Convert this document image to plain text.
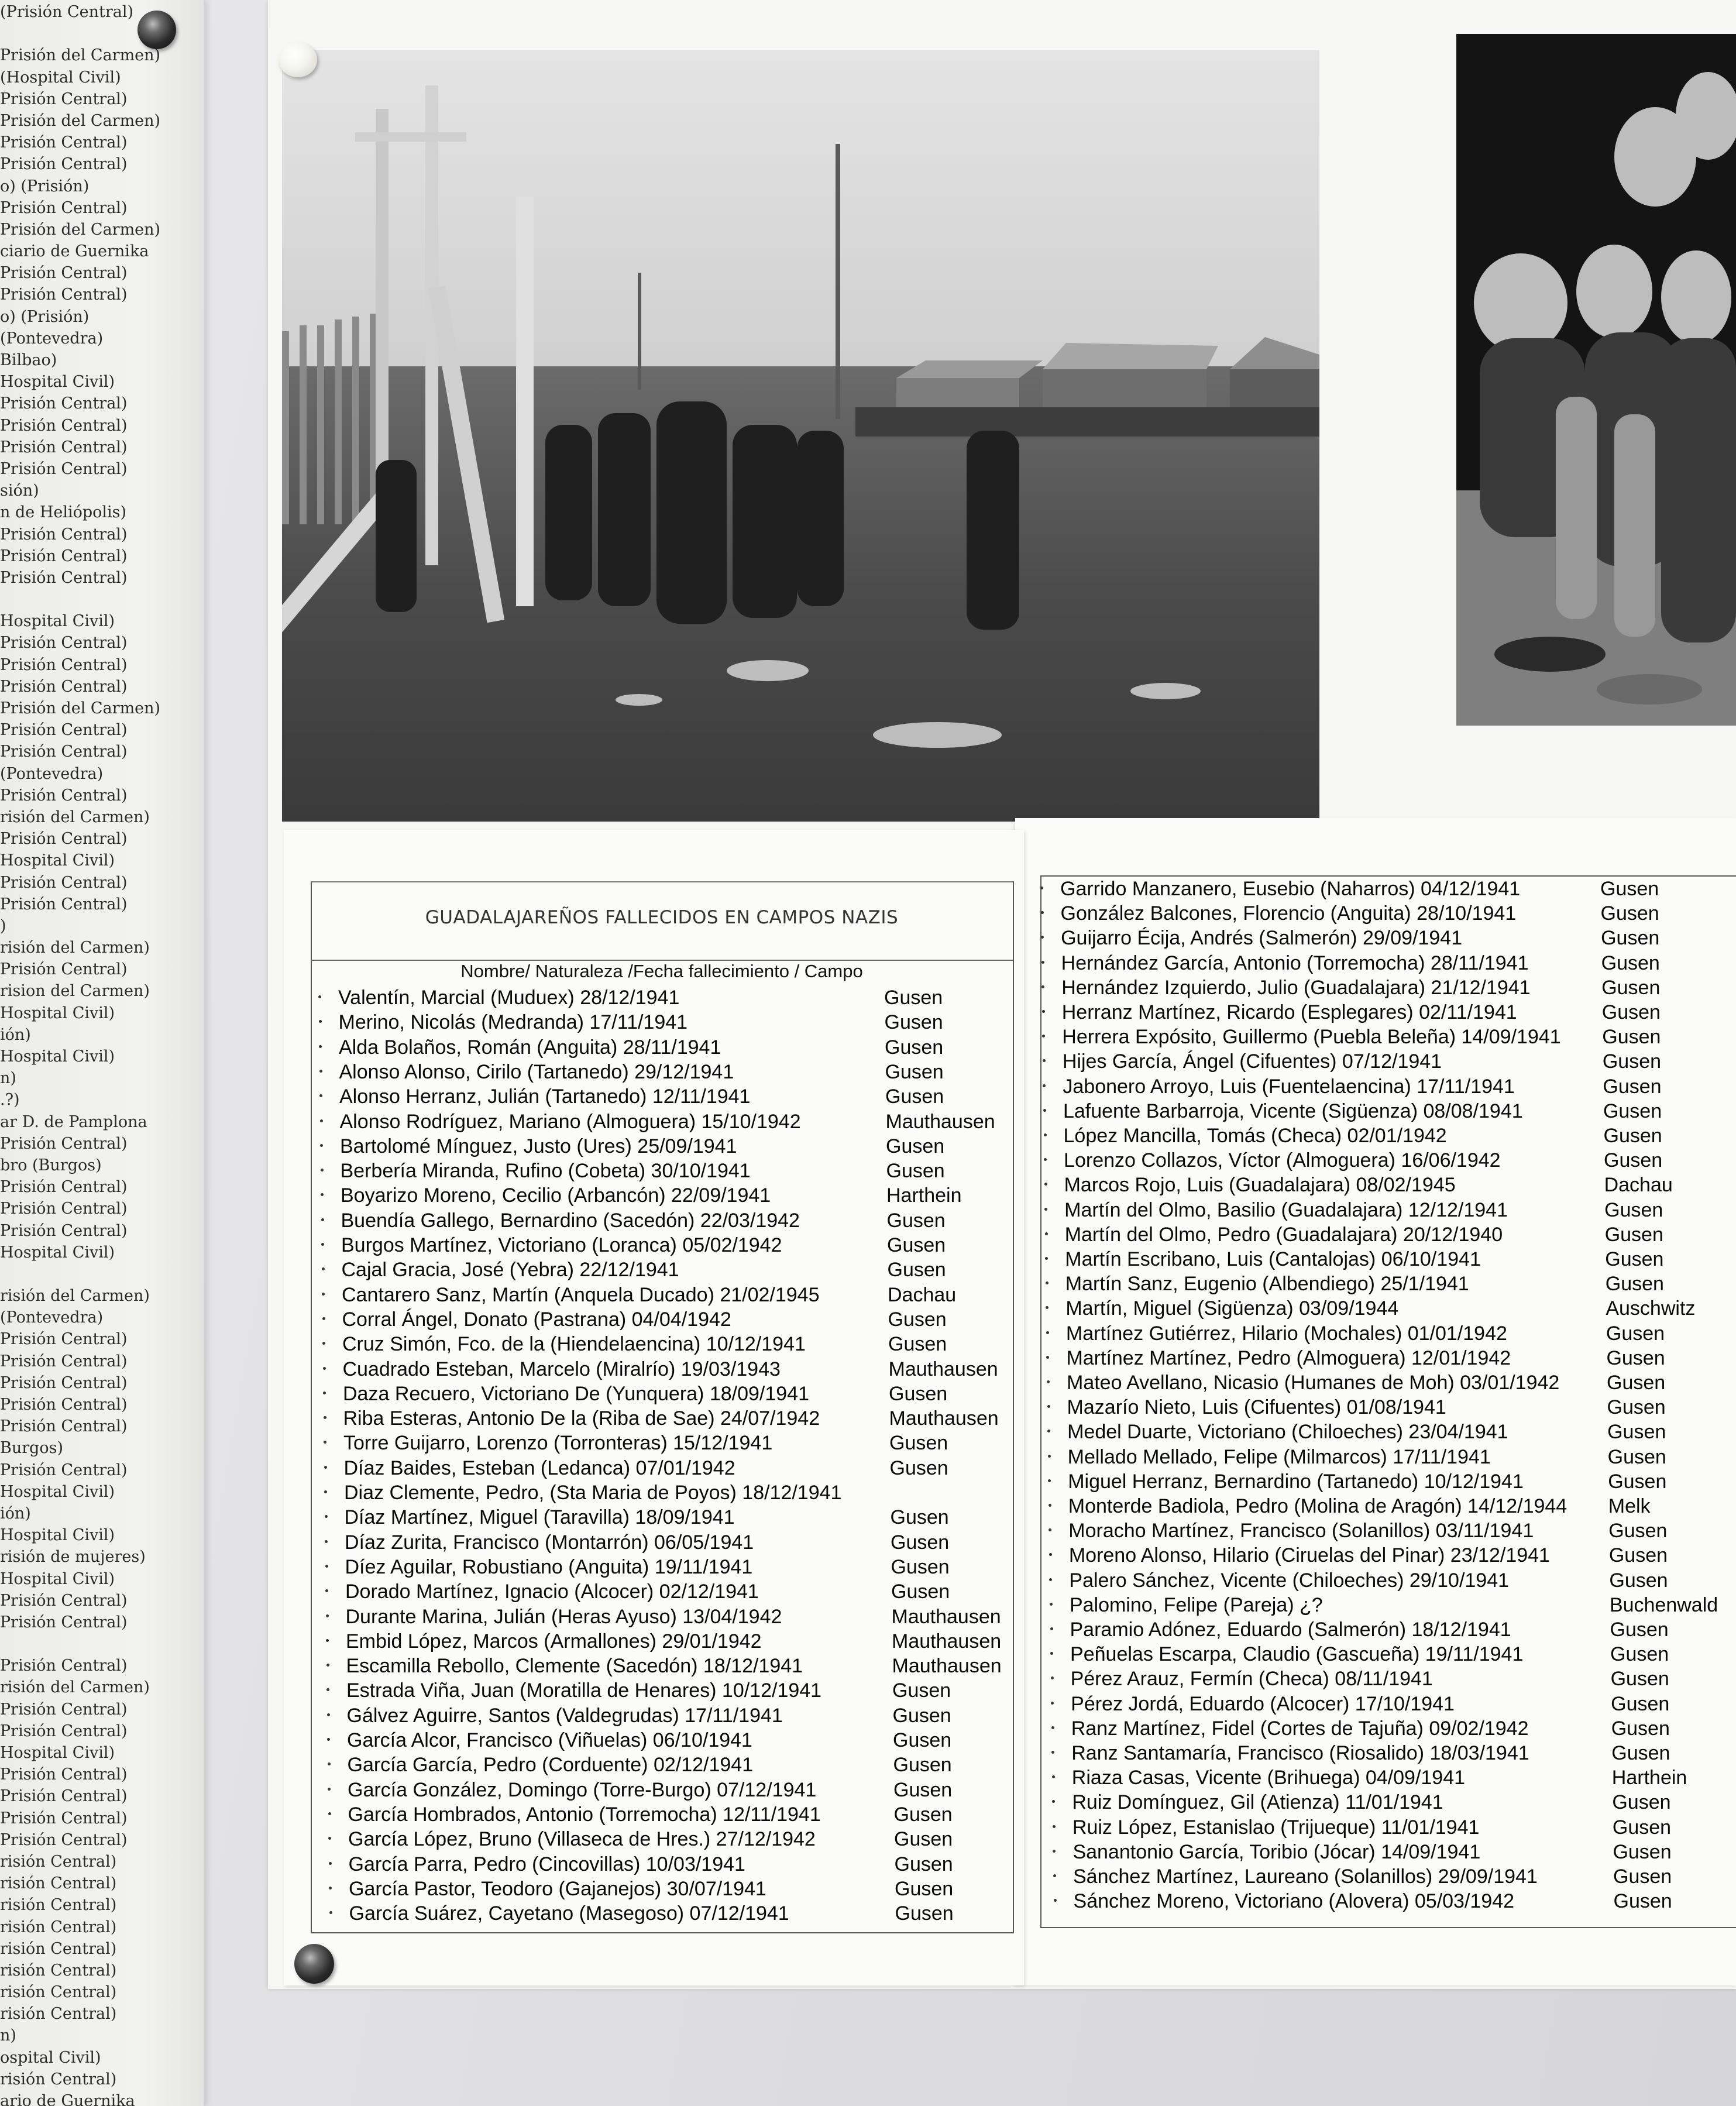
(Prisión Central)
Prisión del Carmen)
(Hospital Civil)
Prisión Central)
Prisión del Carmen)
Prisión Central)
Prisión Central)
o) (Prisión)
Prisión Central)
Prisión del Carmen)
ciario de Guernika
Prisión Central)
Prisión Central)
o) (Prisión)
(Pontevedra)
Bilbao)
Hospital Civil)
Prisión Central)
Prisión Central)
Prisión Central)
Prisión Central)
sión)
n de Heliópolis)
Prisión Central)
Prisión Central)
Prisión Central)
Hospital Civil)
Prisión Central)
Prisión Central)
Prisión Central)
Prisión del Carmen)
Prisión Central)
Prisión Central)
(Pontevedra)
Prisión Central)
risión del Carmen)
Prisión Central)
Hospital Civil)
Prisión Central)
Prisión Central)
)
risión del Carmen)
Prisión Central)
rision del Carmen)
Hospital Civil)
ión)
Hospital Civil)
n)
.?)
ar D. de Pamplona
Prisión Central)
bro (Burgos)
Prisión Central)
Prisión Central)
Prisión Central)
Hospital Civil)
risión del Carmen)
(Pontevedra)
Prisión Central)
Prisión Central)
Prisión Central)
Prisión Central)
Prisión Central)
Burgos)
Prisión Central)
Hospital Civil)
ión)
Hospital Civil)
risión de mujeres)
Hospital Civil)
Prisión Central)
Prisión Central)
Prisión Central)
risión del Carmen)
Prisión Central)
Prisión Central)
Hospital Civil)
Prisión Central)
Prisión Central)
Prisión Central)
Prisión Central)
risión Central)
risión Central)
risión Central)
risión Central)
risión Central)
risión Central)
risión Central)
risión Central)
n)
ospital Civil)
risión Central)
ario de Guernika
GUADALAJAREÑOS FALLECIDOS EN CAMPOS NAZIS
Nombre/ Naturaleza /Fecha fallecimiento / Campo
Valentín, Marcial (Muduex) 28/12/1941	Gusen
Merino, Nicolás (Medranda) 17/11/1941	Gusen
Alda Bolaños, Román (Anguita) 28/11/1941	Gusen
Alonso Alonso, Cirilo (Tartanedo) 29/12/1941	Gusen
Alonso Herranz, Julián (Tartanedo) 12/11/1941	Gusen
Alonso Rodríguez, Mariano (Almoguera) 15/10/1942	Mauthausen
Bartolomé Mínguez, Justo (Ures) 25/09/1941	Gusen
Berbería Miranda, Rufino (Cobeta) 30/10/1941	Gusen
Boyarizo Moreno, Cecilio (Arbancón) 22/09/1941	Harthein
Buendía Gallego, Bernardino (Sacedón) 22/03/1942	Gusen
Burgos Martínez, Victoriano (Loranca) 05/02/1942	Gusen
Cajal Gracia, José (Yebra) 22/12/1941	Gusen
Cantarero Sanz, Martín (Anquela Ducado) 21/02/1945	Dachau
Corral Ángel, Donato (Pastrana) 04/04/1942	Gusen
Cruz Simón, Fco. de la (Hiendelaencina) 10/12/1941	Gusen
Cuadrado Esteban, Marcelo (Miralrío) 19/03/1943	Mauthausen
Daza Recuero, Victoriano De (Yunquera) 18/09/1941	Gusen
Riba Esteras, Antonio De la (Riba de Sae) 24/07/1942	Mauthausen
Torre Guijarro, Lorenzo (Torronteras) 15/12/1941	Gusen
Díaz Baides, Esteban (Ledanca) 07/01/1942	Gusen
Diaz Clemente, Pedro, (Sta Maria de Poyos) 18/12/1941
Díaz Martínez, Miguel (Taravilla) 18/09/1941	Gusen
Díaz Zurita, Francisco (Montarrón) 06/05/1941	Gusen
Díez Aguilar, Robustiano (Anguita) 19/11/1941	Gusen
Dorado Martínez, Ignacio (Alcocer) 02/12/1941	Gusen
Durante Marina, Julián (Heras Ayuso) 13/04/1942	Mauthausen
Embid López, Marcos (Armallones) 29/01/1942	Mauthausen
Escamilla Rebollo, Clemente (Sacedón) 18/12/1941	Mauthausen
Estrada Viña, Juan (Moratilla de Henares) 10/12/1941	Gusen
Gálvez Aguirre, Santos (Valdegrudas) 17/11/1941	Gusen
García Alcor, Francisco (Viñuelas) 06/10/1941	Gusen
García García, Pedro (Corduente) 02/12/1941	Gusen
García González, Domingo (Torre-Burgo) 07/12/1941	Gusen
García Hombrados, Antonio (Torremocha) 12/11/1941	Gusen
García López, Bruno (Villaseca de Hres.) 27/12/1942	Gusen
García Parra, Pedro (Cincovillas) 10/03/1941	Gusen
García Pastor, Teodoro (Gajanejos) 30/07/1941	Gusen
García Suárez, Cayetano (Masegoso) 07/12/1941	Gusen
Garrido Manzanero, Eusebio (Naharros) 04/12/1941	Gusen
González Balcones, Florencio (Anguita) 28/10/1941	Gusen
Guijarro Écija, Andrés (Salmerón) 29/09/1941	Gusen
Hernández García, Antonio (Torremocha) 28/11/1941	Gusen
Hernández Izquierdo, Julio (Guadalajara) 21/12/1941	Gusen
Herranz Martínez, Ricardo (Esplegares) 02/11/1941	Gusen
Herrera Expósito, Guillermo (Puebla Beleña) 14/09/1941 Gusen
Hijes García, Ángel (Cifuentes) 07/12/1941	Gusen
Jabonero Arroyo, Luis (Fuentelaencina) 17/11/1941	Gusen
Lafuente Barbarroja, Vicente (Sigüenza) 08/08/1941	Gusen
López Mancilla, Tomás (Checa) 02/01/1942	Gusen
Lorenzo Collazos, Víctor (Almoguera) 16/06/1942	Gusen
Marcos Rojo, Luis (Guadalajara) 08/02/1945	Dachau
Martín del Olmo, Basilio (Guadalajara) 12/12/1941	Gusen
Martín del Olmo, Pedro (Guadalajara) 20/12/1940	Gusen
Martín Escribano, Luis (Cantalojas) 06/10/1941	Gusen
Martín Sanz, Eugenio (Albendiego) 25/1/1941	Gusen
Martín, Miguel (Sigüenza) 03/09/1944	Auschwitz
Martínez Gutiérrez, Hilario (Mochales) 01/01/1942	Gusen
Martínez Martínez, Pedro (Almoguera) 12/01/1942	Gusen
Mateo Avellano, Nicasio (Humanes de Moh) 03/01/1942 Gusen
Mazarío Nieto, Luis (Cifuentes) 01/08/1941	Gusen
Medel Duarte, Victoriano (Chiloeches) 23/04/1941	Gusen
Mellado Mellado, Felipe (Milmarcos) 17/11/1941	Gusen
Miguel Herranz, Bernardino (Tartanedo) 10/12/1941	Gusen
Monterde Badiola, Pedro (Molina de Aragón) 14/12/1944 Melk
Moracho Martínez, Francisco (Solanillos) 03/11/1941	Gusen
Moreno Alonso, Hilario (Ciruelas del Pinar) 23/12/1941	Gusen
Palero Sánchez, Vicente (Chiloeches) 29/10/1941	Gusen
Palomino, Felipe (Pareja) ¿?	Buchenwald
Paramio Adónez, Eduardo (Salmerón) 18/12/1941	Gusen
Peñuelas Escarpa, Claudio (Gascueña) 19/11/1941	Gusen
Pérez Arauz, Fermín (Checa) 08/11/1941	Gusen
Pérez Jordá, Eduardo (Alcocer) 17/10/1941	Gusen
Ranz Martínez, Fidel (Cortes de Tajuña) 09/02/1942	Gusen
Ranz Santamaría, Francisco (Riosalido) 18/03/1941	Gusen
Riaza Casas, Vicente (Brihuega) 04/09/1941	Harthein
Ruiz Domínguez, Gil (Atienza) 11/01/1941	Gusen
Ruiz López, Estanislao (Trijueque) 11/01/1941	Gusen
Sanantonio García, Toribio (Jócar) 14/09/1941	Gusen
Sánchez Martínez, Laureano (Solanillos) 29/09/1941	Gusen
Sánchez Moreno, Victoriano (Alovera) 05/03/1942	Gusen
